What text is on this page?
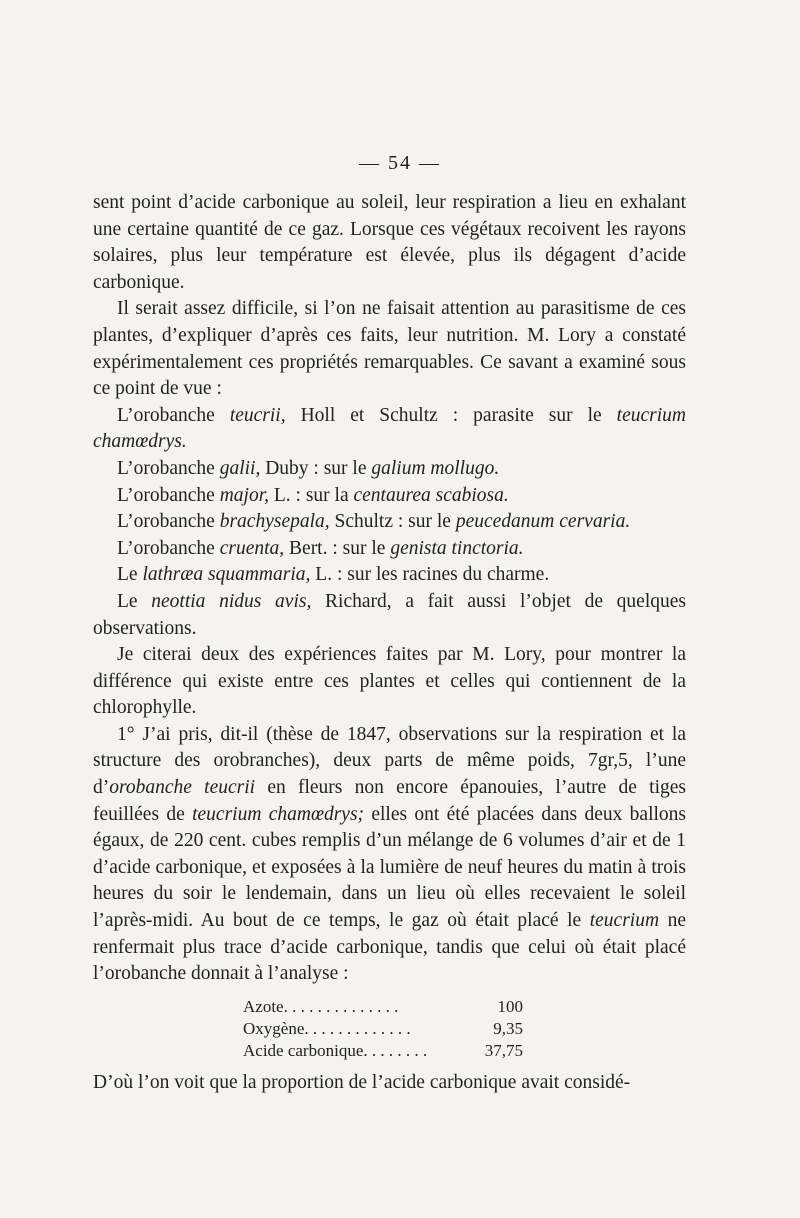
— 54 —

sent point d’acide carbonique au soleil, leur respiration a lieu en exhalant une certaine quantité de ce gaz. Lorsque ces végétaux recoivent les rayons solaires, plus leur température est élevée, plus ils dégagent d’acide carbonique.

Il serait assez difficile, si l’on ne faisait attention au parasitisme de ces plantes, d’expliquer d’après ces faits, leur nutrition. M. Lory a constaté expérimentalement ces propriétés remarquables. Ce savant a examiné sous ce point de vue :

L’orobanche teucrii, Holl et Schultz : parasite sur le teucrium chamœdrys.
L’orobanche galii, Duby : sur le galium mollugo.
L’orobanche major, L. : sur la centaurea scabiosa.
L’orobanche brachysepala, Schultz : sur le peucedanum cervaria.
L’orobanche cruenta, Bert. : sur le genista tinctoria.
Le lathræa squammaria, L. : sur les racines du charme.
Le neottia nidus avis, Richard, a fait aussi l’objet de quelques observations.

Je citerai deux des expériences faites par M. Lory, pour montrer la différence qui existe entre ces plantes et celles qui contiennent de la chlorophylle.

1° J’ai pris, dit-il (thèse de 1847, observations sur la respiration et la structure des orobranches), deux parts de même poids, 7gr,5, l’une d’orobanche teucrii en fleurs non encore épanouies, l’autre de tiges feuillées de teucrium chamœdrys; elles ont été placées dans deux ballons égaux, de 220 cent. cubes remplis d’un mélange de 6 volumes d’air et de 1 d’acide carbonique, et exposées à la lumière de neuf heures du matin à trois heures du soir le lendemain, dans un lieu où elles recevaient le soleil l’après-midi. Au bout de ce temps, le gaz où était placé le teucrium ne renfermait plus trace d’acide carbonique, tandis que celui où était placé l’orobanche donnait à l’analyse :

Azote. . . . . . . . . . . . . .	100
Oxygène. . . . . . . . . . . . .	9,35
Acide carbonique. . . . . . . .	37,75

D’où l’on voit que la proportion de l’acide carbonique avait considé-
